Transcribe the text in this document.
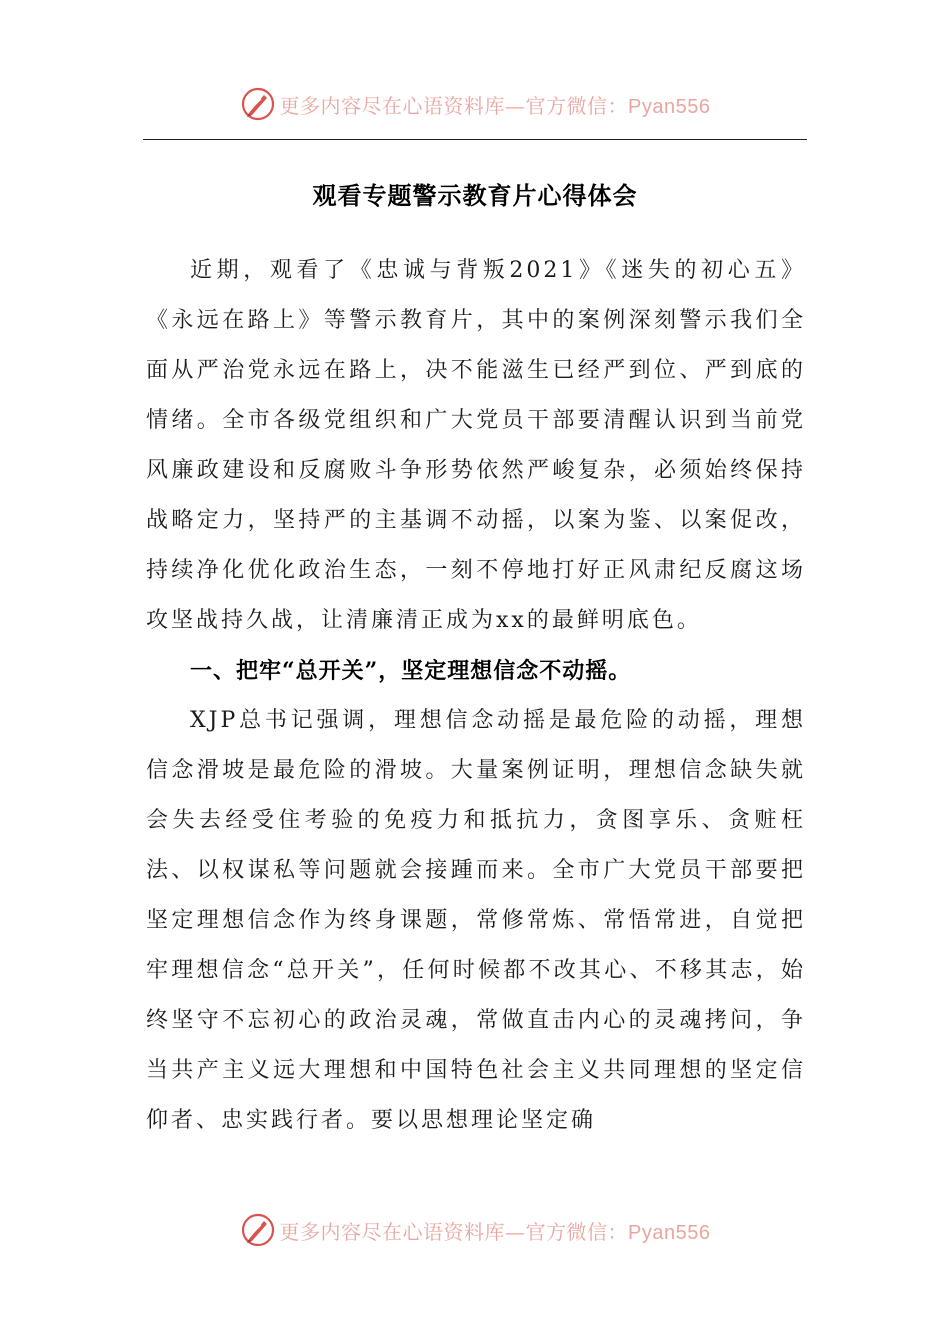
更多内容尽在心语资料库—官方微信：Pyan556
观看专题警示教育片心得体会

近期，观看了《忠诚与背叛2021》《迷失的初心五》《永远在路上》等警示教育片，其中的案例深刻警示我们全面从严治党永远在路上，决不能滋生已经严到位、严到底的情绪。全市各级党组织和广大党员干部要清醒认识到当前党风廉政建设和反腐败斗争形势依然严峻复杂，必须始终保持战略定力，坚持严的主基调不动摇，以案为鉴、以案促改，持续净化优化政治生态，一刻不停地打好正风肃纪反腐这场攻坚战持久战，让清廉清正成为xx的最鲜明底色。

一、把牢“总开关”，坚定理想信念不动摇。

XJP总书记强调，理想信念动摇是最危险的动摇，理想信念滑坡是最危险的滑坡。大量案例证明，理想信念缺失就会失去经受住考验的免疫力和抵抗力，贪图享乐、贪赃枉法、以权谋私等问题就会接踵而来。全市广大党员干部要把坚定理想信念作为终身课题，常修常炼、常悟常进，自觉把牢理想信念“总开关”，任何时候都不改其心、不移其志，始终坚守不忘初心的政治灵魂，常做直击内心的灵魂拷问，争当共产主义远大理想和中国特色社会主义共同理想的坚定信仰者、忠实践行者。要以思想理论坚定确

更多内容尽在心语资料库—官方微信：Pyan556
